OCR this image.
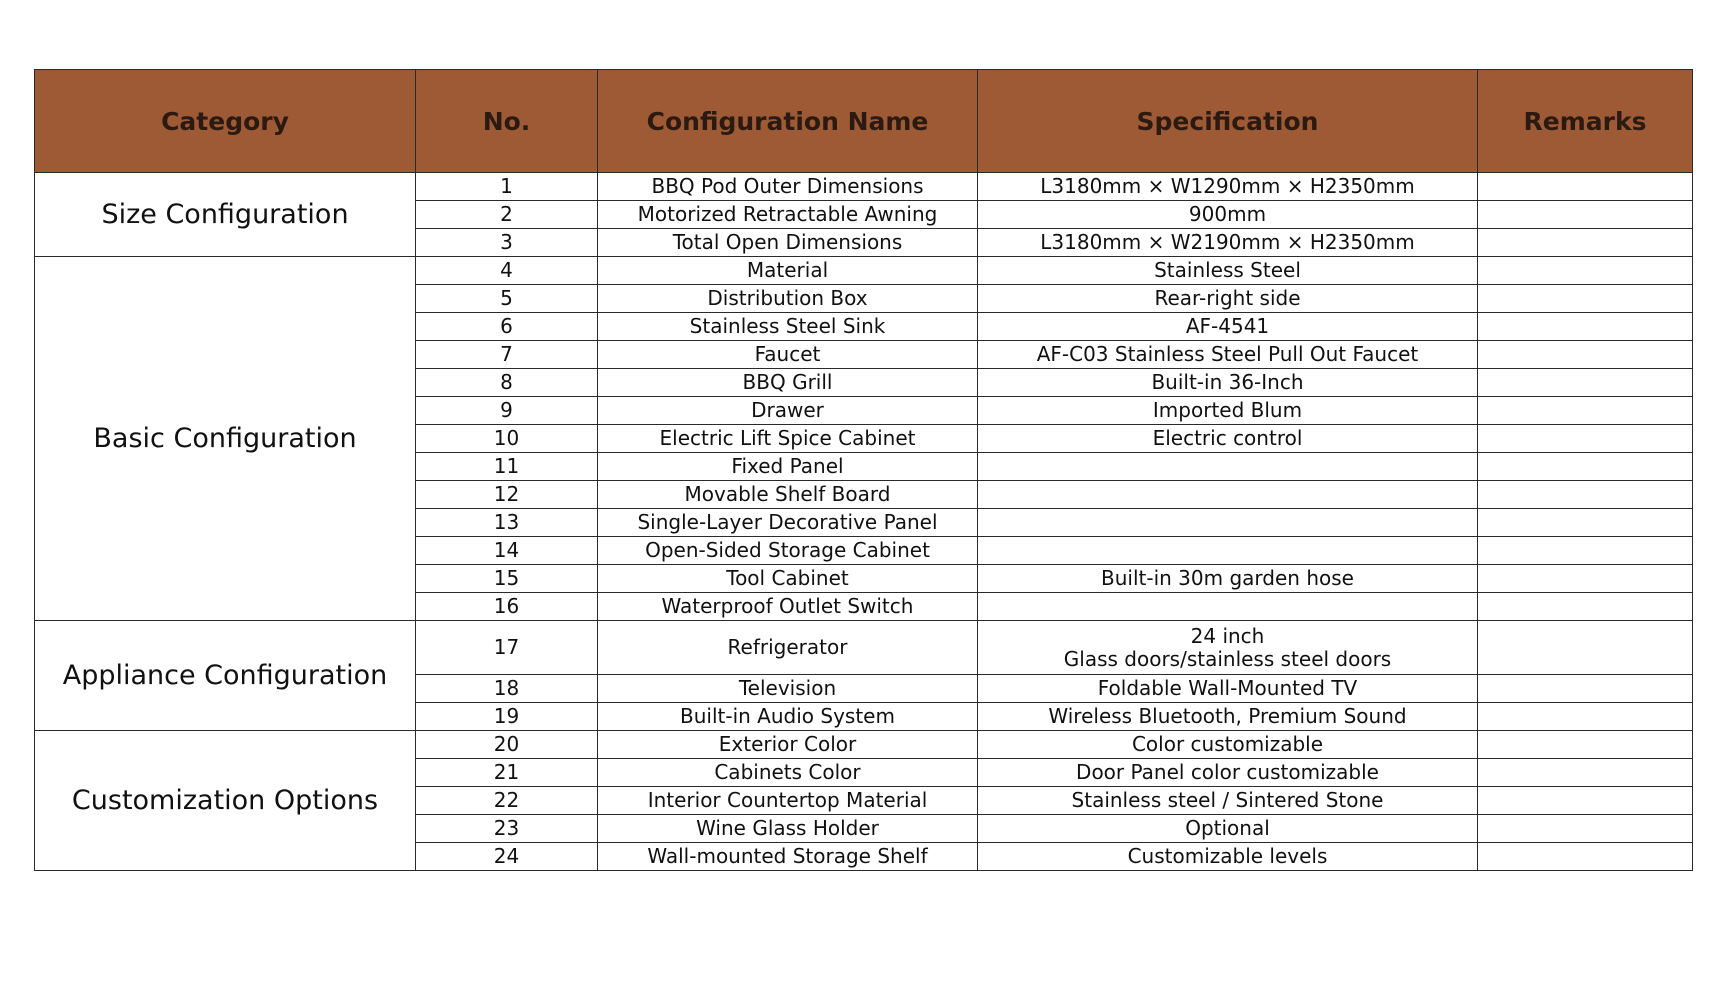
Category	No.	Configuration Name	Specification	Remarks
Size Configuration	1	BBQ Pod Outer Dimensions	L3180mm × W1290mm × H2350mm	

	2	Motorized Retractable Awning	900mm	

	3	Total Open Dimensions	L3180mm × W2190mm × H2350mm	

Basic Configuration	4	Material	Stainless Steel	

	5	Distribution Box	Rear-right side	

	6	Stainless Steel Sink	AF-4541	

	7	Faucet	AF-C03 Stainless Steel Pull Out Faucet	

	8	BBQ Grill	Built-in 36-Inch	

	9	Drawer	Imported Blum	

	10	Electric Lift Spice Cabinet	Electric control	

	11	Fixed Panel		
	12	Movable Shelf Board		
	13	Single-Layer Decorative Panel		
	14	Open-Sided Storage Cabinet		
	15	Tool Cabinet	Built-in 30m garden hose	

	16	Waterproof Outlet Switch		
Appliance Configuration	17	Refrigerator	24 inch
Glass doors/stainless steel doors	

	18	Television	Foldable Wall-Mounted TV	

	19	Built-in Audio System	Wireless Bluetooth, Premium Sound	

Customization Options	20	Exterior Color	Color customizable	

	21	Cabinets Color	Door Panel color customizable	

	22	Interior Countertop Material	Stainless steel / Sintered Stone	

	23	Wine Glass Holder	Optional	

	24	Wall-mounted Storage Shelf	Customizable levels	
